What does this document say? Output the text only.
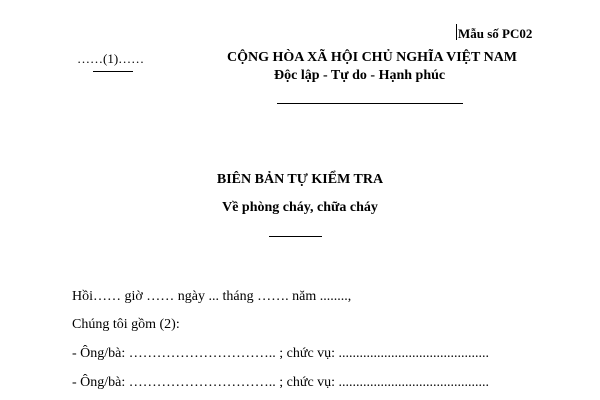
Mẫu số PC02
……(1)……	CỘNG HÒA XÃ HỘI CHỦ NGHĨA VIỆT NAM
Độc lập - Tự do - Hạnh phúc
BIÊN BẢN TỰ KIỂM TRA
Về phòng cháy, chữa cháy
Hồi…… giờ …… ngày ... tháng ……. năm ........,
Chúng tôi gồm (2):
- Ông/bà: ………………………….. ; chức vụ: ...........................................
- Ông/bà: ………………………….. ; chức vụ: ...........................................
